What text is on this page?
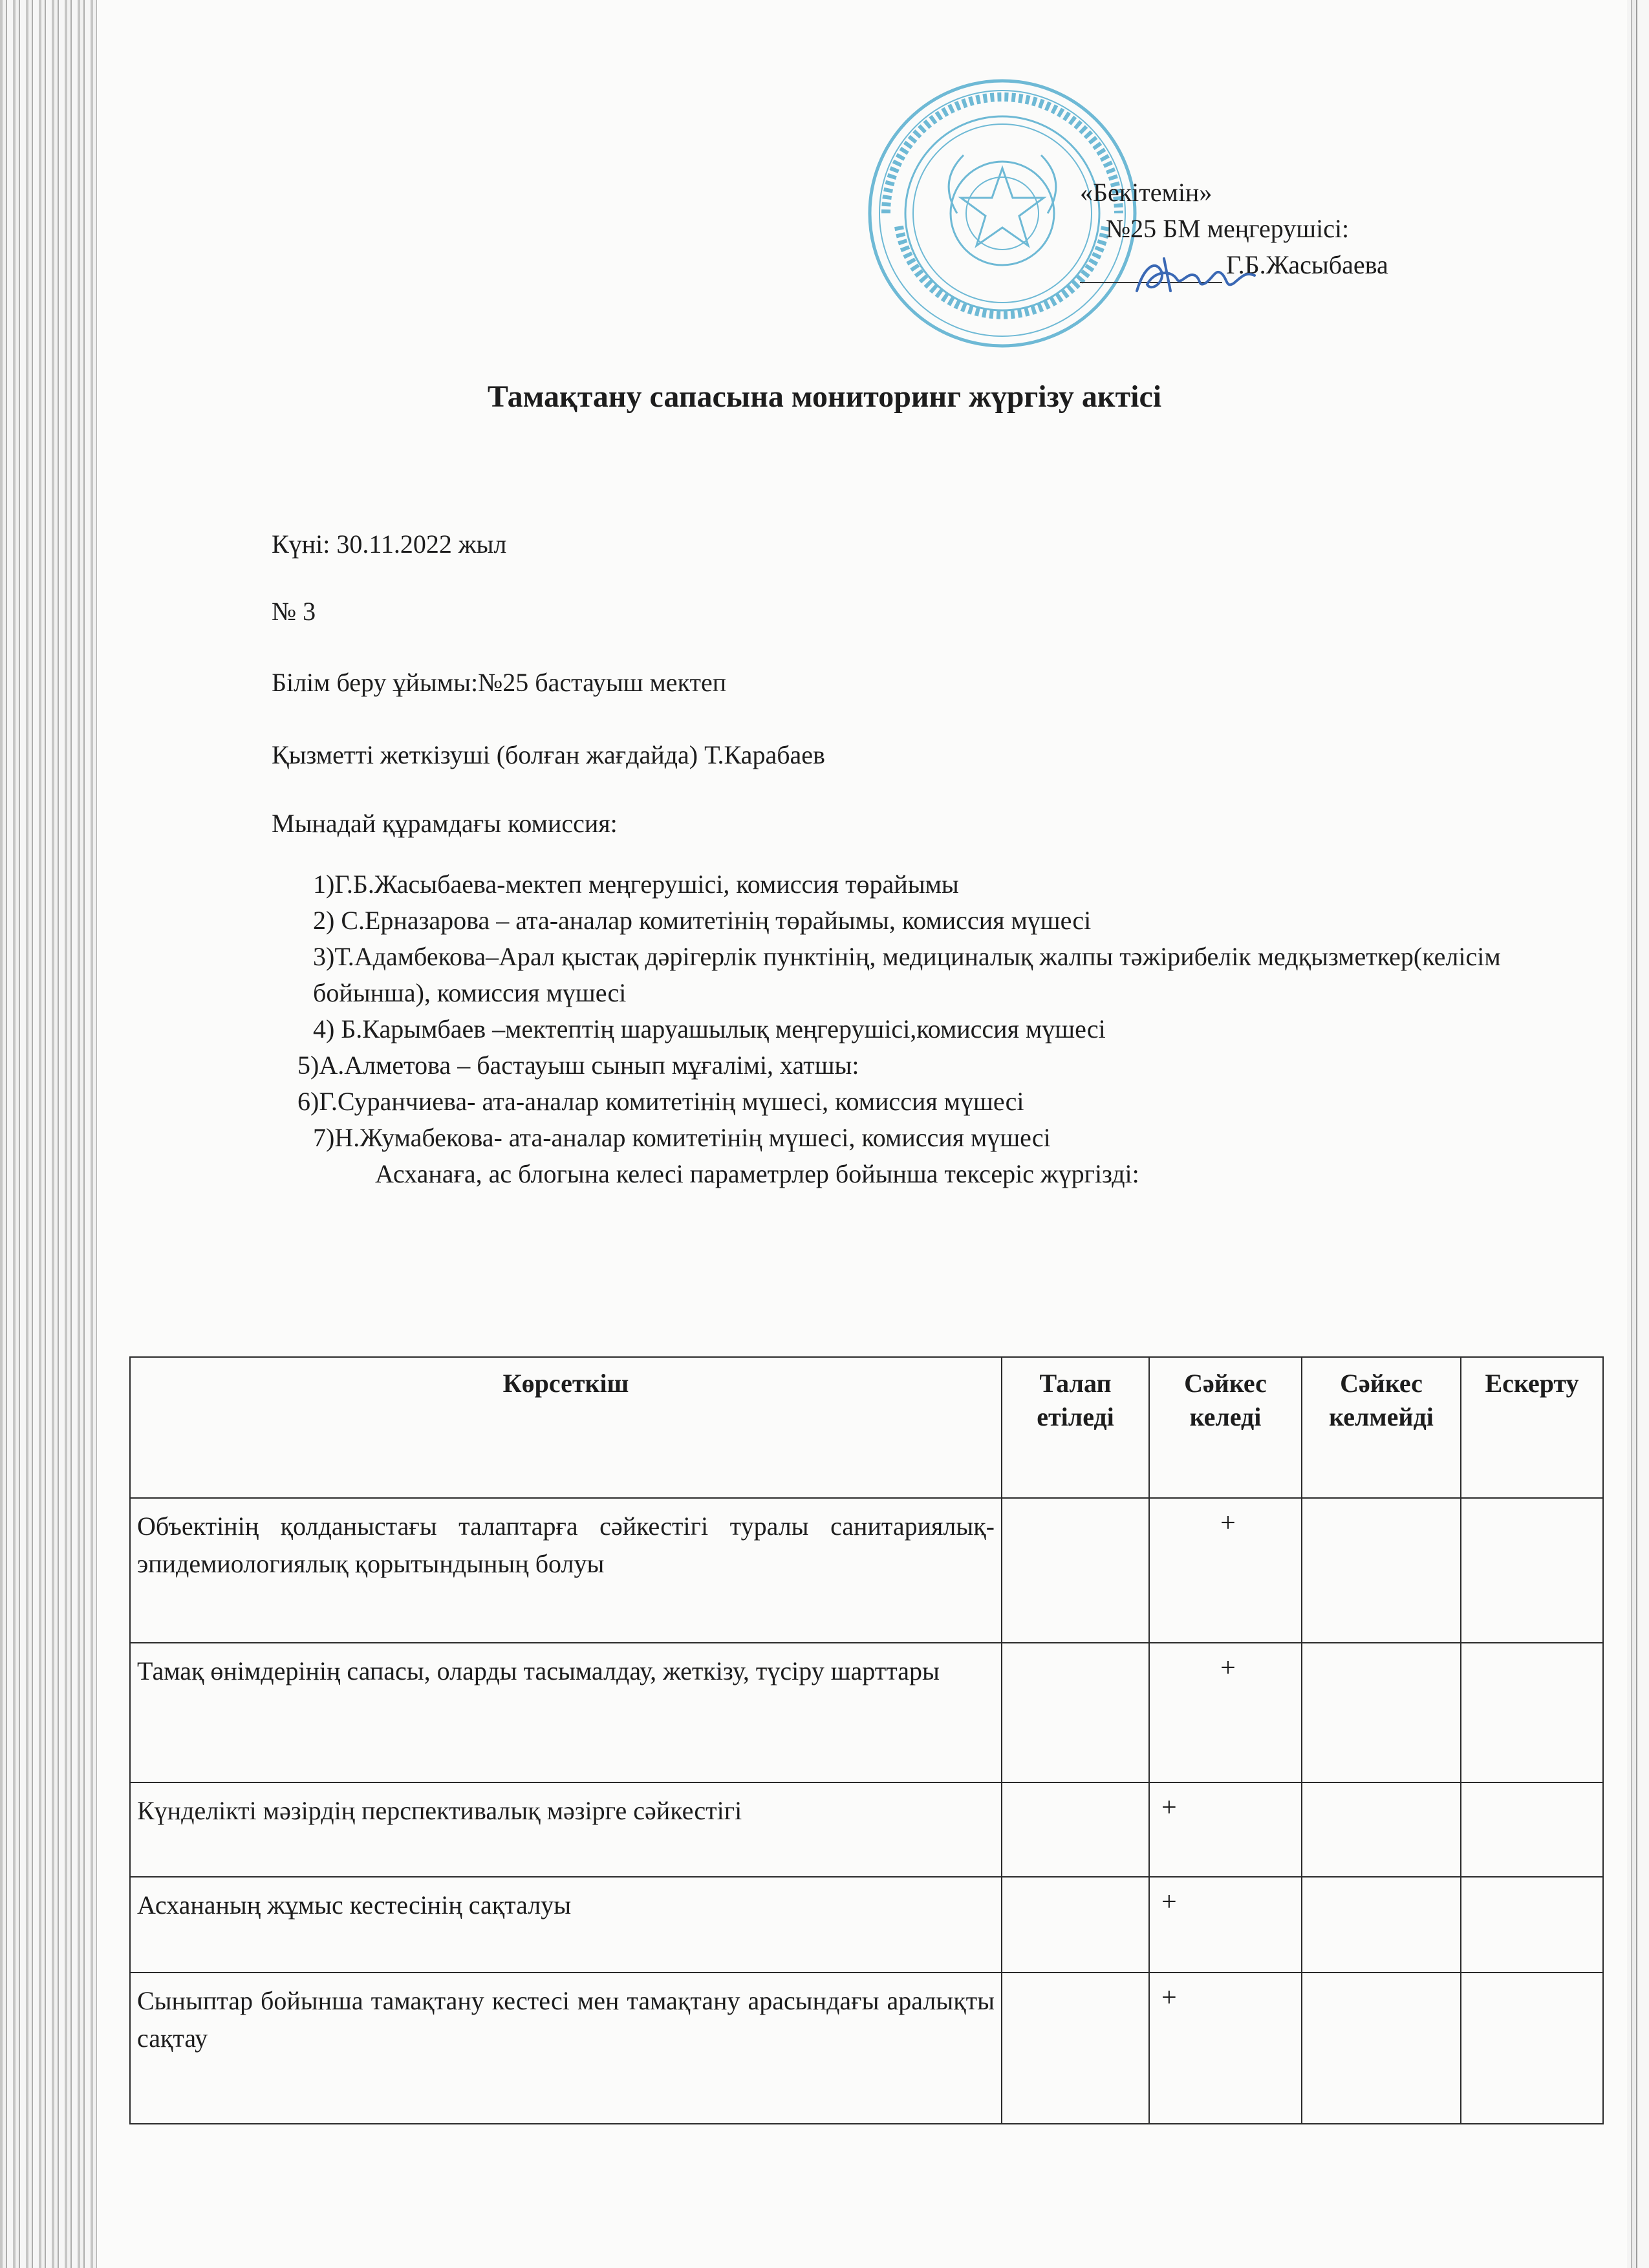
«Бекітемін»
№25 БМ меңгерушісі:
Г.Б.Жасыбаева
Тамақтану сапасына мониторинг жүргізу актісі
Күні: 30.11.2022 жыл
№ 3
Білім беру ұйымы:№25 бастауыш мектеп
Қызметті жеткізуші (болған жағдайда) Т.Карабаев
Мынадай құрамдағы комиссия:
1)Г.Б.Жасыбаева-мектеп меңгерушісі, комиссия төрайымы
2) С.Ерназарова – ата-аналар комитетінің төрайымы, комиссия мүшесі
3)Т.Адамбекова–Арал қыстақ дәрігерлік пунктінің, медициналық жалпы тәжірибелік медқызметкер(келісім бойынша), комиссия мүшесі
4) Б.Карымбаев –мектептің шаруашылық меңгерушісі,комиссия мүшесі
5)А.Алметова – бастауыш сынып мұғалімі, хатшы:
6)Г.Суранчиева- ата-аналар комитетінің мүшесі, комиссия мүшесі
7)Н.Жумабекова- ата-аналар комитетінің мүшесі, комиссия мүшесі
Асханаға, ас блогына келесі параметрлер бойынша тексеріс жүргізді:
Көрсеткіш	Талап етіледі	Сәйкес келеді	Сәйкес келмейді	Ескерту
Объектінің қолданыстағы талаптарға сәйкестігі туралы санитариялық-эпидемиологиялық қорытындының болуы		+		
Тамақ өнімдерінің сапасы, оларды тасымалдау, жеткізу, түсіру шарттары		+		
Күнделікті мәзірдің перспективалық мәзірге сәйкестігі		+		
Асхананың жұмыс кестесінің сақталуы		+		
Сыныптар бойынша тамақтану кестесі мен тамақтану арасындағы аралықты сақтау		+		
